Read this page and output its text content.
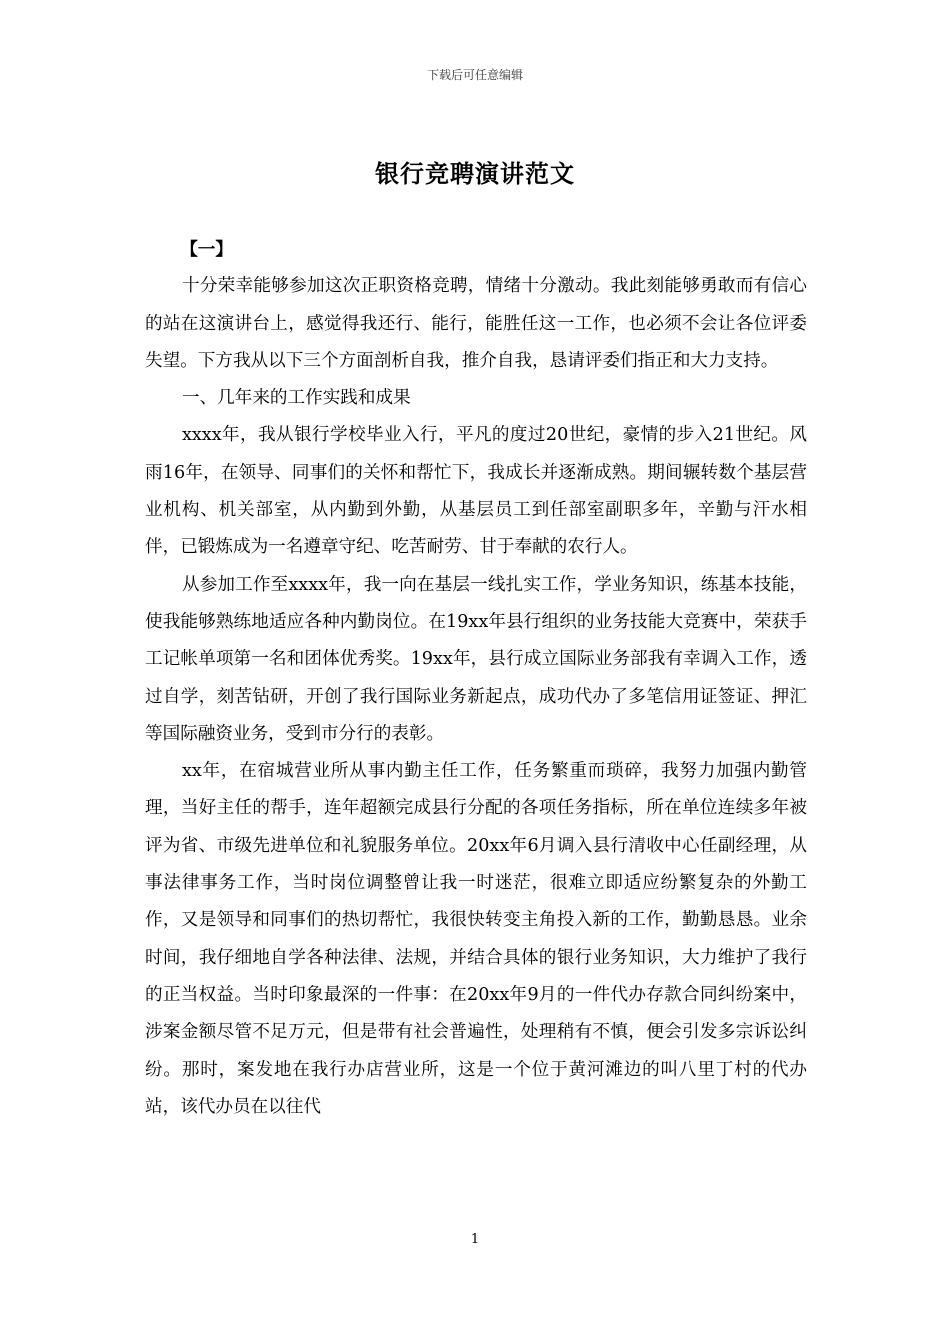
下载后可任意编辑
银行竞聘演讲范文
【一】

十分荣幸能够参加这次正职资格竞聘，情绪十分激动。我此刻能够勇敢而有信心的站在这演讲台上，感觉得我还行、能行，能胜任这一工作，也必须不会让各位评委失望。下方我从以下三个方面剖析自我，推介自我，恳请评委们指正和大力支持。

一、几年来的工作实践和成果

xxxx年，我从银行学校毕业入行，平凡的度过20世纪，豪情的步入21世纪。风雨16年，在领导、同事们的关怀和帮忙下，我成长并逐渐成熟。期间辗转数个基层营业机构、机关部室，从内勤到外勤，从基层员工到任部室副职多年，辛勤与汗水相伴，已锻炼成为一名遵章守纪、吃苦耐劳、甘于奉献的农行人。

从参加工作至xxxx年，我一向在基层一线扎实工作，学业务知识，练基本技能，使我能够熟练地适应各种内勤岗位。在19xx年县行组织的业务技能大竞赛中，荣获手工记帐单项第一名和团体优秀奖。19xx年，县行成立国际业务部我有幸调入工作，透过自学，刻苦钻研，开创了我行国际业务新起点，成功代办了多笔信用证签证、押汇等国际融资业务，受到市分行的表彰。

xx年，在宿城营业所从事内勤主任工作，任务繁重而琐碎，我努力加强内勤管理，当好主任的帮手，连年超额完成县行分配的各项任务指标，所在单位连续多年被评为省、市级先进单位和礼貌服务单位。20xx年6月调入县行清收中心任副经理，从事法律事务工作，当时岗位调整曾让我一时迷茫，很难立即适应纷繁复杂的外勤工作，又是领导和同事们的热切帮忙，我很快转变主角投入新的工作，勤勤恳恳。业余时间，我仔细地自学各种法律、法规，并结合具体的银行业务知识，大力维护了我行的正当权益。当时印象最深的一件事：在20xx年9月的一件代办存款合同纠纷案中，涉案金额尽管不足万元，但是带有社会普遍性，处理稍有不慎，便会引发多宗诉讼纠纷。那时，案发地在我行办店营业所，这是一个位于黄河滩边的叫八里丁村的代办站，该代办员在以往代

1
